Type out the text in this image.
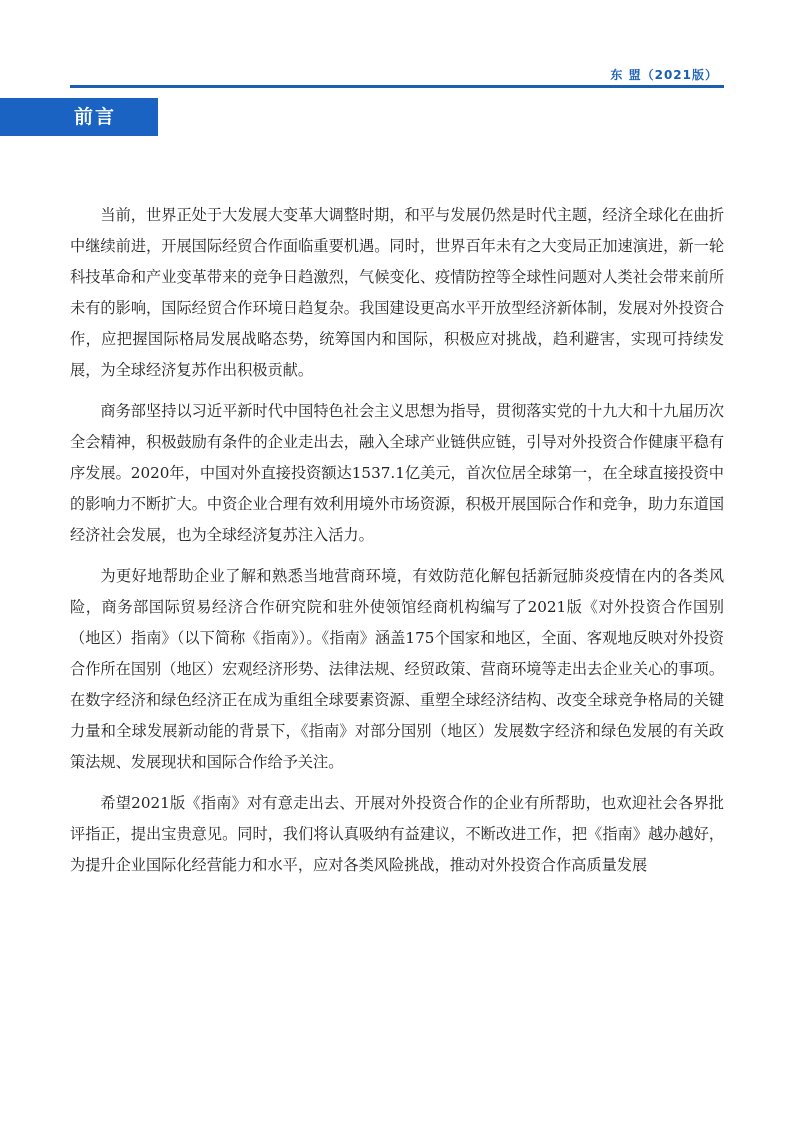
东 盟（2021版）
前言

当前，世界正处于大发展大变革大调整时期，和平与发展仍然是时代主题，经济全球化在曲折中继续前进，开展国际经贸合作面临重要机遇。同时，世界百年未有之大变局正加速演进，新一轮科技革命和产业变革带来的竞争日趋激烈，气候变化、疫情防控等全球性问题对人类社会带来前所未有的影响，国际经贸合作环境日趋复杂。我国建设更高水平开放型经济新体制，发展对外投资合作，应把握国际格局发展战略态势，统筹国内和国际，积极应对挑战，趋利避害，实现可持续发展，为全球经济复苏作出积极贡献。

商务部坚持以习近平新时代中国特色社会主义思想为指导，贯彻落实党的十九大和十九届历次全会精神，积极鼓励有条件的企业走出去，融入全球产业链供应链，引导对外投资合作健康平稳有序发展。2020年，中国对外直接投资额达1537.1亿美元，首次位居全球第一，在全球直接投资中的影响力不断扩大。中资企业合理有效利用境外市场资源，积极开展国际合作和竞争，助力东道国经济社会发展，也为全球经济复苏注入活力。

为更好地帮助企业了解和熟悉当地营商环境，有效防范化解包括新冠肺炎疫情在内的各类风险，商务部国际贸易经济合作研究院和驻外使领馆经商机构编写了2021版《对外投资合作国别（地区）指南》（以下简称《指南》）。《指南》涵盖175个国家和地区，全面、客观地反映对外投资合作所在国别（地区）宏观经济形势、法律法规、经贸政策、营商环境等走出去企业关心的事项。在数字经济和绿色经济正在成为重组全球要素资源、重塑全球经济结构、改变全球竞争格局的关键力量和全球发展新动能的背景下，《指南》对部分国别（地区）发展数字经济和绿色发展的有关政策法规、发展现状和国际合作给予关注。

希望2021版《指南》对有意走出去、开展对外投资合作的企业有所帮助，也欢迎社会各界批评指正，提出宝贵意见。同时，我们将认真吸纳有益建议，不断改进工作，把《指南》越办越好，为提升企业国际化经营能力和水平，应对各类风险挑战，推动对外投资合作高质量发展
